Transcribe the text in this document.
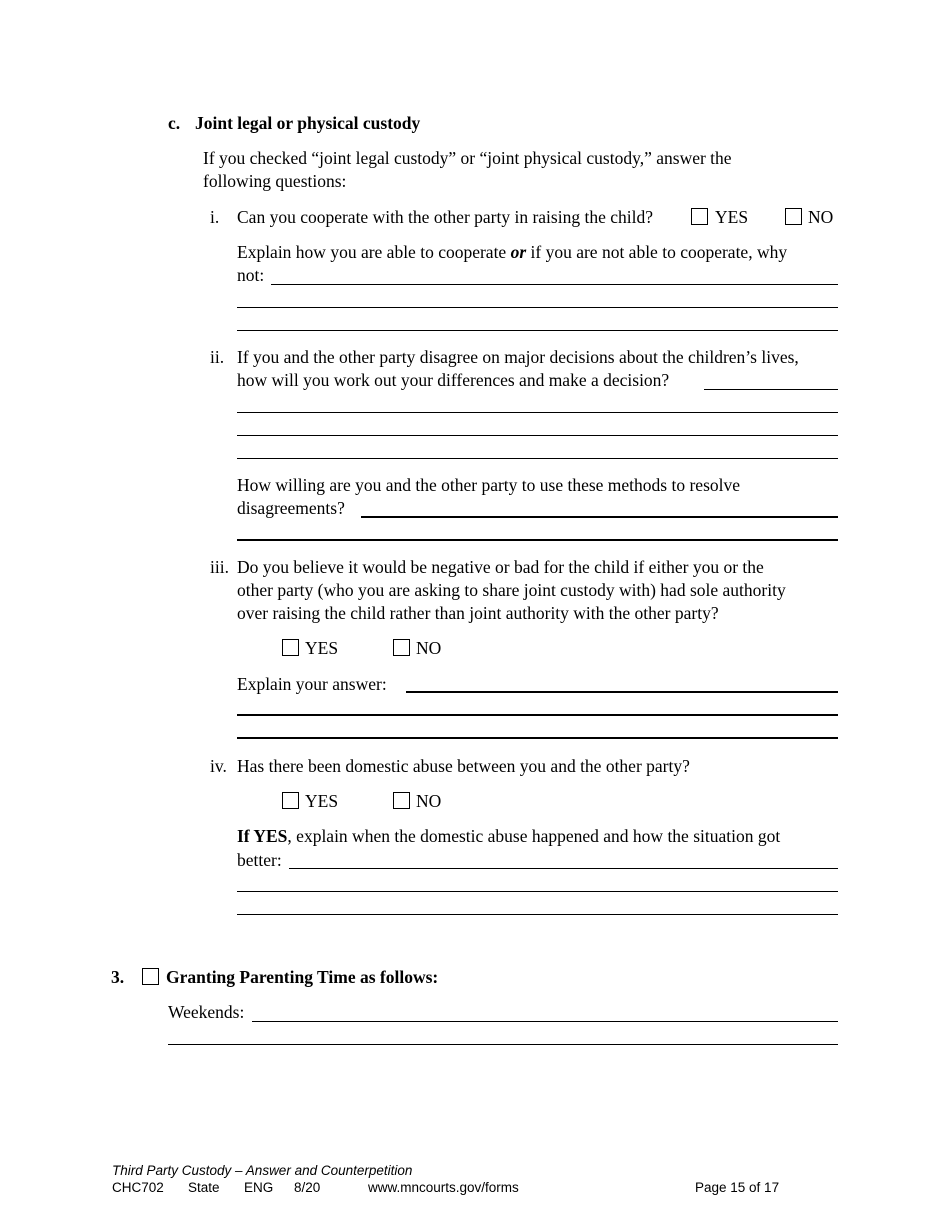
c. Joint legal or physical custody
If you checked “joint legal custody” or “joint physical custody,” answer the
following questions:
i. Can you cooperate with the other party in raising the child?	YES	NO
Explain how you are able to cooperate or if you are not able to cooperate, why
not:
ii. If you and the other party disagree on major decisions about the children’s lives,
how will you work out your differences and make a decision?
How willing are you and the other party to use these methods to resolve
disagreements?
iii. Do you believe it would be negative or bad for the child if either you or the
other party (who you are asking to share joint custody with) had sole authority
over raising the child rather than joint authority with the other party?
YES	NO
Explain your answer:
iv. Has there been domestic abuse between you and the other party?
YES	NO
If YES, explain when the domestic abuse happened and how the situation got
better:
3. Granting Parenting Time as follows:
Weekends:
Third Party Custody – Answer and Counterpetition
CHC702 State ENG 8/20	www.mncourts.gov/forms	Page 15 of 17
